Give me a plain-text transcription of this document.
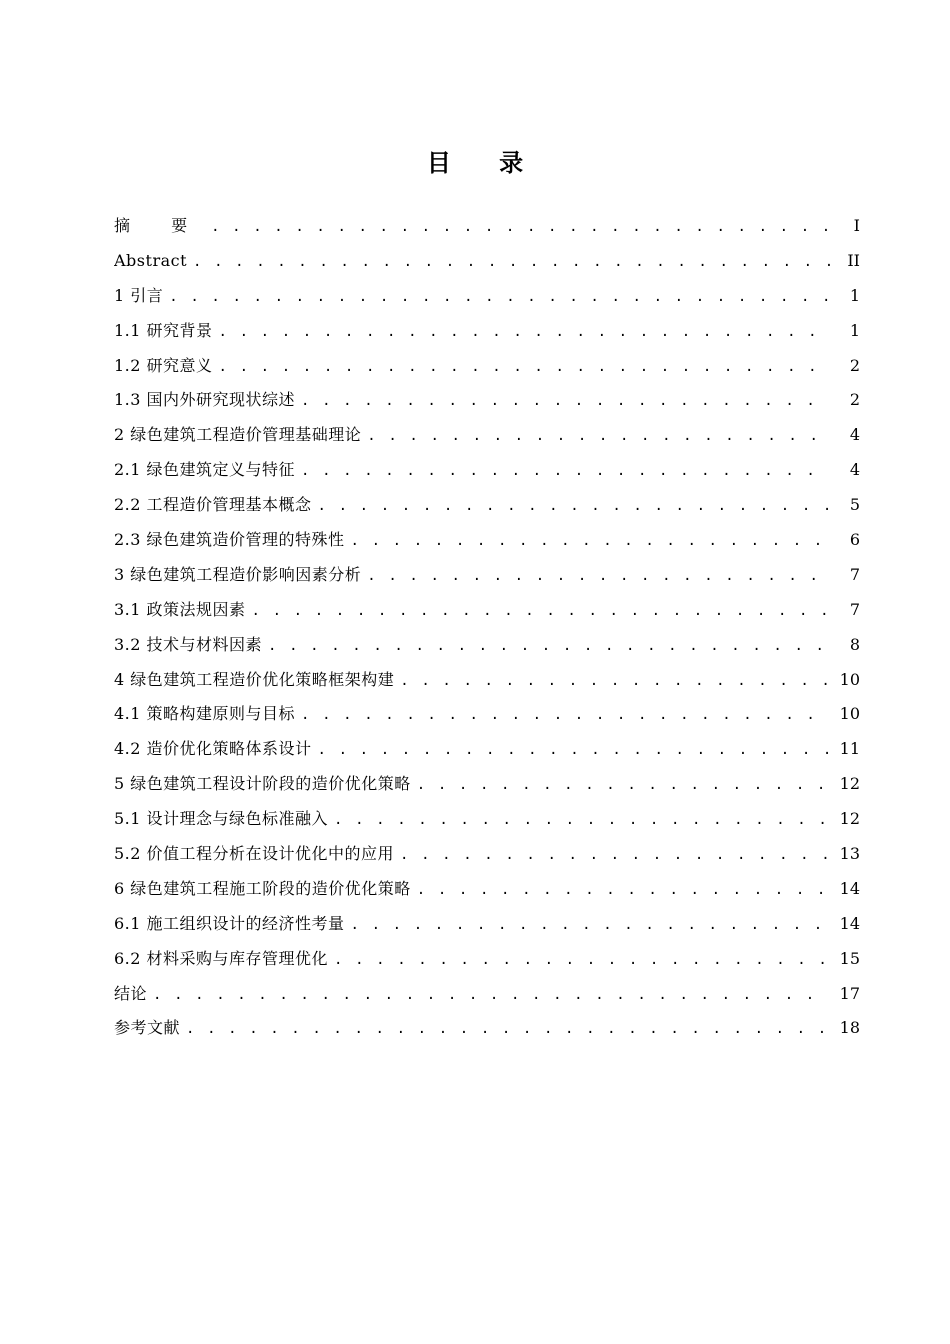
目 录
摘 要 . . .	I
Abstract . . .	II
1 引言 . . .	1
1.1 研究背景 . . .	1
1.2 研究意义 . . .	2
1.3 国内外研究现状综述 . . .	2
2 绿色建筑工程造价管理基础理论 . . .	4
2.1 绿色建筑定义与特征 . . .	4
2.2 工程造价管理基本概念 . . .	5
2.3 绿色建筑造价管理的特殊性 . . .	6
3 绿色建筑工程造价影响因素分析 . . .	7
3.1 政策法规因素 . . .	7
3.2 技术与材料因素 . . .	8
4 绿色建筑工程造价优化策略框架构建 . . .	10
4.1 策略构建原则与目标 . . .	10
4.2 造价优化策略体系设计 . . .	11
5 绿色建筑工程设计阶段的造价优化策略 . . .	12
5.1 设计理念与绿色标准融入 . . .	12
5.2 价值工程分析在设计优化中的应用 . . .	13
6 绿色建筑工程施工阶段的造价优化策略 . . .	14
6.1 施工组织设计的经济性考量 . . .	14
6.2 材料采购与库存管理优化 . . .	15
结论 . . .	17
参考文献 . . .	18
